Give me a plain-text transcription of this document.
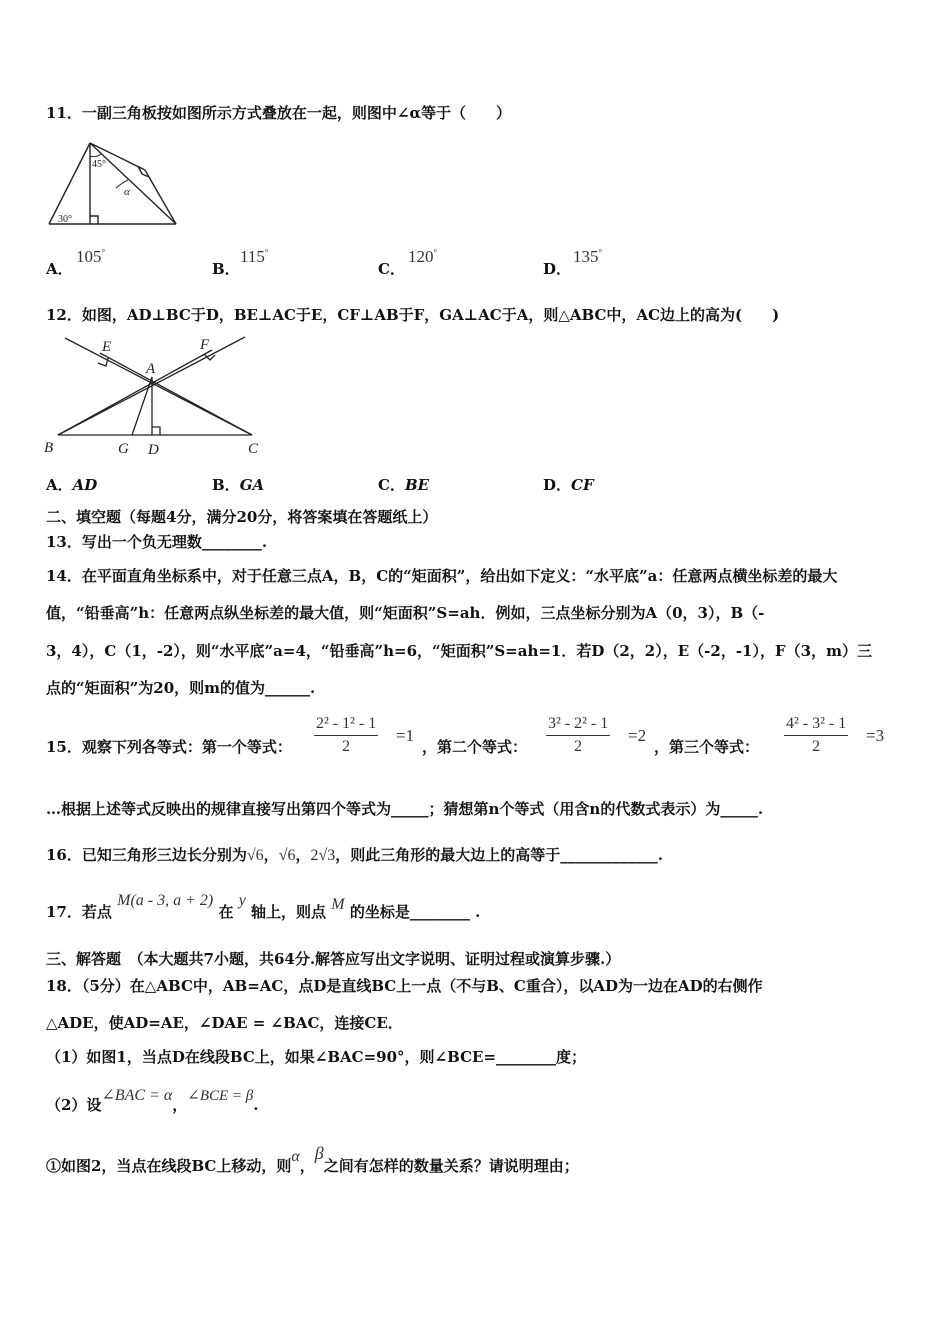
11．一副三角板按如图所示方式叠放在一起，则图中∠α等于（　　）
45°
α
30°
A．
105°
B．
115°
C．
120°
D．
135°
12．如图，AD⊥BC于D，BE⊥AC于E，CF⊥AB于F，GA⊥AC于A，则△ABC中，AC边上的高为(　　)
E	F
A
B	G D	C
A．AD	B．GA	C．BE	D．CF
二、填空题（每题4分，满分20分，将答案填在答题纸上）
13．写出一个负无理数________.
14．在平面直角坐标系中，对于任意三点A，B，C的“矩面积”，给出如下定义：“水平底”a：任意两点横坐标差的最大
值，“铅垂高”h：任意两点纵坐标差的最大值，则“矩面积”S=ah．例如，三点坐标分别为A（0，3），B（-
3，4），C（1，-2），则“水平底”a=4，“铅垂高”h=6，“矩面积”S=ah=1．若D（2，2），E（-2，-1），F（3，m）三
点的“矩面积”为20，则m的值为______.
15．观察下列各等式：第一个等式： $\frac{\text{2² - 1² - 1}}{2} =1$
，第二个等式： $\frac{\text{3² - 2² - 1}}{2} =2$
，第三个等式： $\frac{\text{4² - 3² - 1}}{2} =3$
…根据上述等式反映出的规律直接写出第四个等式为_____；猜想第n个等式（用含n的代数式表示）为_____.
16．已知三角形三边长分别为√6，√6，2√3，则此三角形的最大边上的高等于_____________.
17．若点 M(a - 3, a + 2) 在 y 轴上，则点 M 的坐标是________ .
三、解答题　（本大题共7小题，共64分.解答应写出文字说明、证明过程或演算步骤.）
18．（5分）在△ABC中，AB=AC，点D是直线BC上一点（不与B、C重合），以AD为一边在AD的右侧作
△ADE，使AD=AE，∠DAE = ∠BAC，连接CE．
（1）如图1，当点D在线段BC上，如果∠BAC=90°，则∠BCE=________度；
（2）设∠BAC = α，∠BCE = β.
①如图2，当点在线段BC上移动，则α，β之间有怎样的数量关系？请说明理由；
